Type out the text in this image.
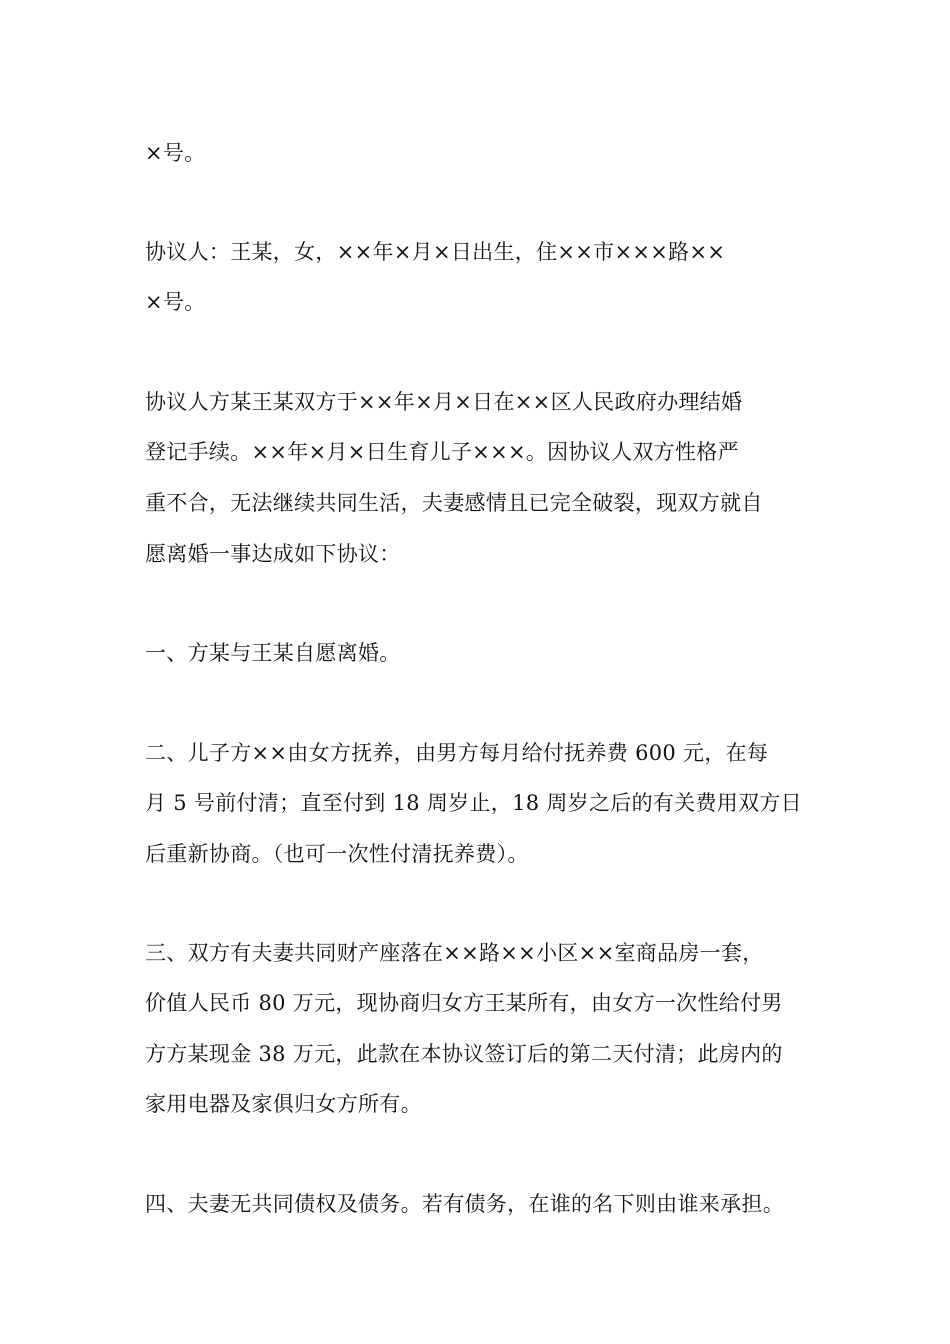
×号。
协议人：王某，女，××年×月×日出生，住××市×××路××
×号。
协议人方某王某双方于××年×月×日在××区人民政府办理结婚
登记手续。××年×月×日生育儿子×××。因协议人双方性格严
重不合，无法继续共同生活，夫妻感情且已完全破裂，现双方就自
愿离婚一事达成如下协议：
一、方某与王某自愿离婚。
二、儿子方××由女方抚养，由男方每月给付抚养费 600 元，在每
月 5 号前付清；直至付到 18 周岁止，18 周岁之后的有关费用双方日
后重新协商。（也可一次性付清抚养费）。
三、双方有夫妻共同财产座落在××路××小区××室商品房一套，
价值人民币 80 万元，现协商归女方王某所有，由女方一次性给付男
方方某现金 38 万元，此款在本协议签订后的第二天付清；此房内的
家用电器及家俱归女方所有。
四、夫妻无共同债权及债务。若有债务，在谁的名下则由谁来承担。
